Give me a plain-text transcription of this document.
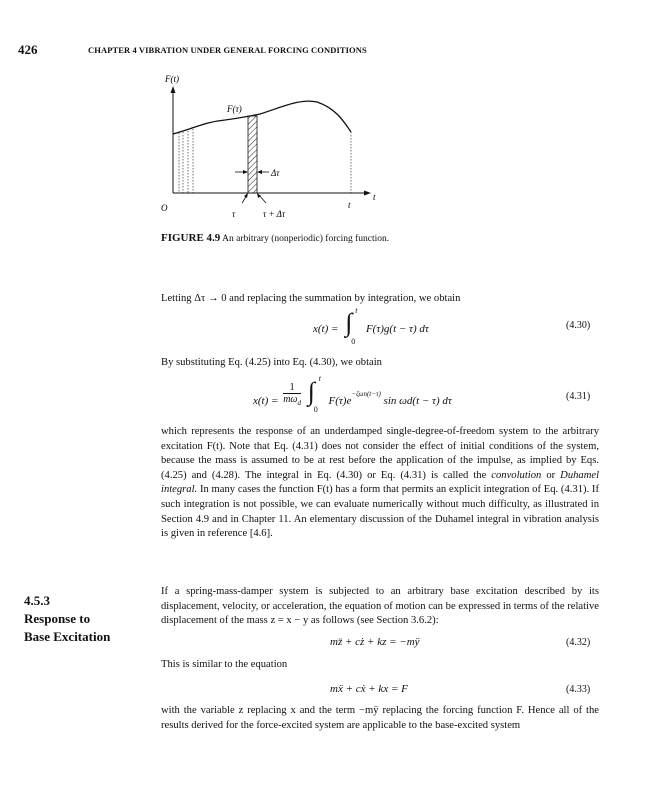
426	CHAPTER 4 VIBRATION UNDER GENERAL FORCING CONDITIONS
F(t)
F(τ)
Δτ
O
t
t
τ	τ + Δτ
FIGURE 4.9 An arbitrary (nonperiodic) forcing function.
Letting Δτ → 0 and replacing the summation by integration, we obtain
x(t) = ∫ t
0
F(τ)g(t − τ) dτ	(4.30)
By substituting Eq. (4.25) into Eq. (4.30), we obtain
x(t) =
1
$m\omega_d$
∫ t
0
$F(\tau)e^{-\zeta\omega n(t-\tau)}$ sin ωd(t − τ) dτ	(4.31)
which represents the response of an underdamped single-degree-of-freedom system to the arbitrary excitation F(t). Note that Eq. (4.31) does not consider the effect of initial conditions of the system, because the mass is assumed to be at rest before the application of the impulse, as implied by Eqs. (4.25) and (4.28). The integral in Eq. (4.30) or Eq. (4.31) is called the convolution or Duhamel integral. In many cases the function F(t) has a form that permits an explicit integration of Eq. (4.31). If such integration is not possible, we can evaluate numerically without much difficulty, as illustrated in Section 4.9 and in Chapter 11. An elementary discussion of the Duhamel integral in vibration analysis is given in reference [4.6].
4.5.3
Response to
Base Excitation
If a spring-mass-damper system is subjected to an arbitrary base excitation described by its displacement, velocity, or acceleration, the equation of motion can be expressed in terms of the relative displacement of the mass z = x − y as follows (see Section 3.6.2):
mz̈ + cż + kz = −mÿ	(4.32)
This is similar to the equation
mẍ + cẋ + kx = F	(4.33)
with the variable z replacing x and the term −mÿ replacing the forcing function F. Hence all of the results derived for the force-excited system are applicable to the base-excited system
